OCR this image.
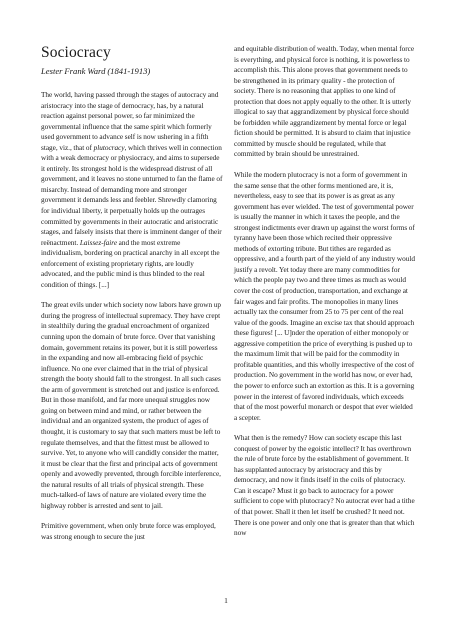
Sociocracy
Lester Frank Ward (1841-1913)

The world, having passed through the stages of autocracy and aristocracy into the stage of democracy, has, by a natural reaction against personal power, so far minimized the governmental influence that the same spirit which formerly used government to advance self is now ushering in a fifth stage, viz., that of plutocracy, which thrives well in connection with a weak democracy or physiocracy, and aims to supersede it entirely. Its strongest hold is the widespread distrust of all government, and it leaves no stone unturned to fan the flame of misarchy. Instead of demanding more and stronger government it demands less and feebler. Shrewdly clamoring for individual liberty, it perpetually holds up the outrages committed by governments in their autocratic and aristocratic stages, and falsely insists that there is imminent danger of their reënactment. Laissez-faire and the most extreme individualism, bordering on practical anarchy in all except the enforcement of existing proprietary rights, are loudly advocated, and the public mind is thus blinded to the real condition of things. [...]

The great evils under which society now labors have grown up during the progress of intellectual supremacy. They have crept in stealthily during the gradual encroachment of organized cunning upon the domain of brute force. Over that vanishing domain, government retains its power, but it is still powerless in the expanding and now all-embracing field of psychic influence. No one ever claimed that in the trial of physical strength the booty should fall to the strongest. In all such cases the arm of government is stretched out and justice is enforced. But in those manifold, and far more unequal struggles now going on between mind and mind, or rather between the individual and an organized system, the product of ages of thought, it is customary to say that such matters must be left to regulate themselves, and that the fittest must be allowed to survive. Yet, to anyone who will candidly consider the matter, it must be clear that the first and principal acts of government openly and avowedly prevented, through forcible interference, the natural results of all trials of physical strength. These much-talked-of laws of nature are violated every time the highway robber is arrested and sent to jail.

Primitive government, when only brute force was employed, was strong enough to secure the just

and equitable distribution of wealth. Today, when mental force is everything, and physical force is nothing, it is powerless to accomplish this. This alone proves that government needs to be strengthened in its primary quality - the protection of society. There is no reasoning that applies to one kind of protection that does not apply equally to the other. It is utterly illogical to say that aggrandizement by physical force should be forbidden while aggrandizement by mental force or legal fiction should be permitted. It is absurd to claim that injustice committed by muscle should be regulated, while that committed by brain should be unrestrained.

While the modern plutocracy is not a form of government in the same sense that the other forms mentioned are, it is, nevertheless, easy to see that its power is as great as any government has ever wielded. The test of governmental power is usually the manner in which it taxes the people, and the strongest indictments ever drawn up against the worst forms of tyranny have been those which recited their oppressive methods of extorting tribute. But tithes are regarded as oppressive, and a fourth part of the yield of any industry would justify a revolt. Yet today there are many commodities for which the people pay two and three times as much as would cover the cost of production, transportation, and exchange at fair wages and fair profits. The monopolies in many lines actually tax the consumer from 25 to 75 per cent of the real value of the goods. Imagine an excise tax that should approach these figures! [... U]nder the operation of either monopoly or aggressive competition the price of everything is pushed up to the maximum limit that will be paid for the commodity in profitable quantities, and this wholly irrespective of the cost of production. No government in the world has now, or ever had, the power to enforce such an extortion as this. It is a governing power in the interest of favored individuals, which exceeds that of the most powerful monarch or despot that ever wielded a scepter.

What then is the remedy? How can society escape this last conquest of power by the egoistic intellect? It has overthrown the rule of brute force by the establishment of government. It has supplanted autocracy by aristocracy and this by democracy, and now it finds itself in the coils of plutocracy. Can it escape? Must it go back to autocracy for a power sufficient to cope with plutocracy? No autocrat ever had a tithe of that power. Shall it then let itself be crushed? It need not. There is one power and only one that is greater than that which now

1
